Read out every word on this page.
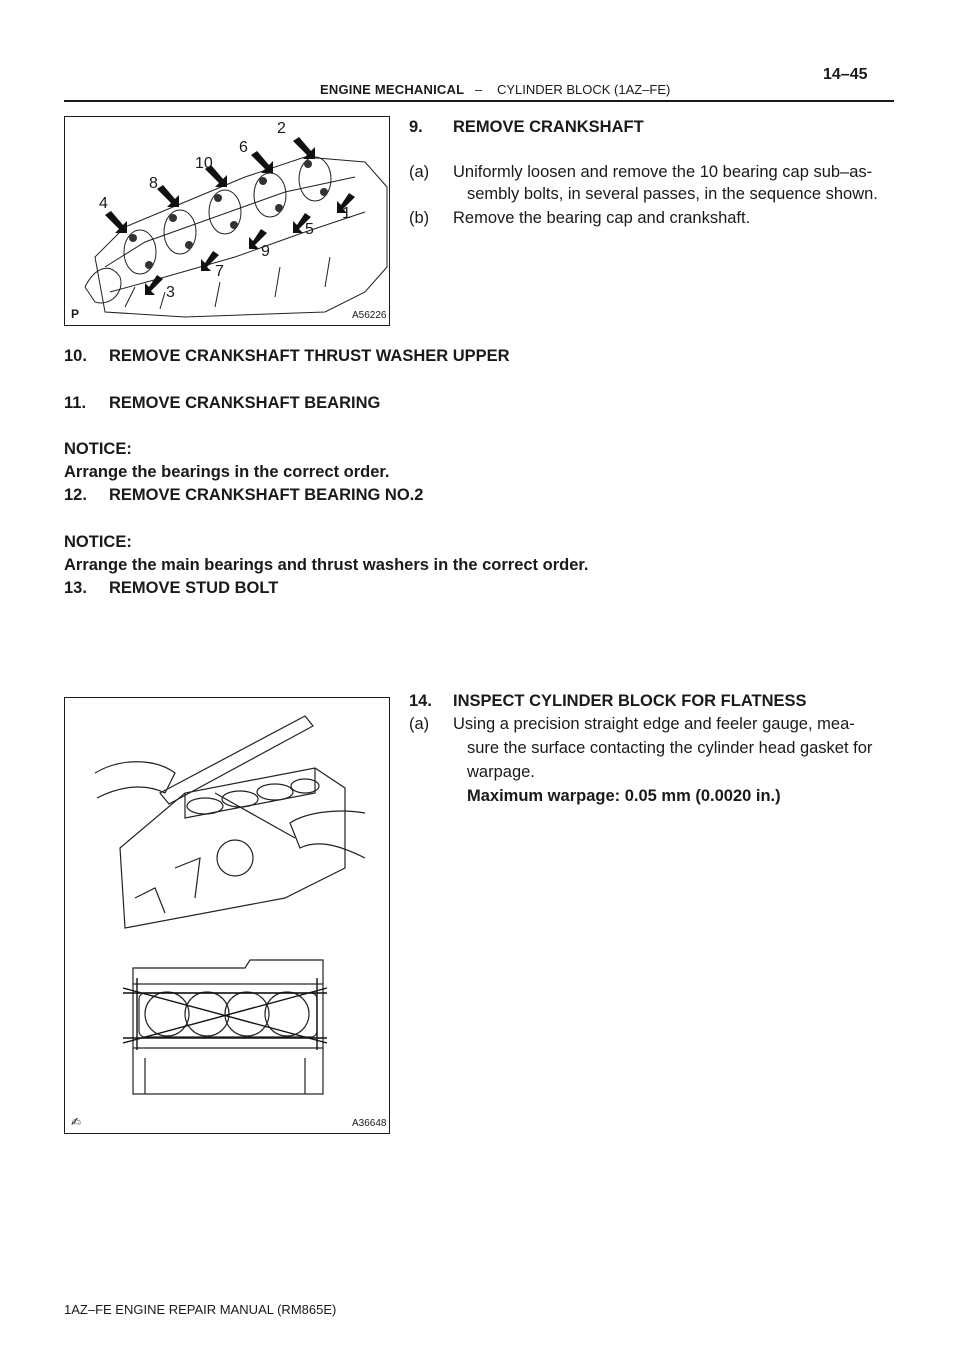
ENGINE MECHANICAL – CYLINDER BLOCK (1AZ–FE)
14–45
1
2
3
4
5
6
7
8
9
10
P	A56226
✍	A36648
9. REMOVE CRANKSHAFT
(a) Uniformly loosen and remove the 10 bearing cap sub–as-
sembly bolts, in several passes, in the sequence shown.
(b) Remove the bearing cap and crankshaft.
10. REMOVE CRANKSHAFT THRUST WASHER UPPER
11. REMOVE CRANKSHAFT BEARING
NOTICE:
Arrange the bearings in the correct order.
12. REMOVE CRANKSHAFT BEARING NO.2
NOTICE:
Arrange the main bearings and thrust washers in the correct order.
13. REMOVE STUD BOLT
14. INSPECT CYLINDER BLOCK FOR FLATNESS
(a) Using a precision straight edge and feeler gauge, mea-
sure the surface contacting the cylinder head gasket for
warpage.
Maximum warpage: 0.05 mm (0.0020 in.)
1AZ–FE ENGINE REPAIR MANUAL (RM865E)
